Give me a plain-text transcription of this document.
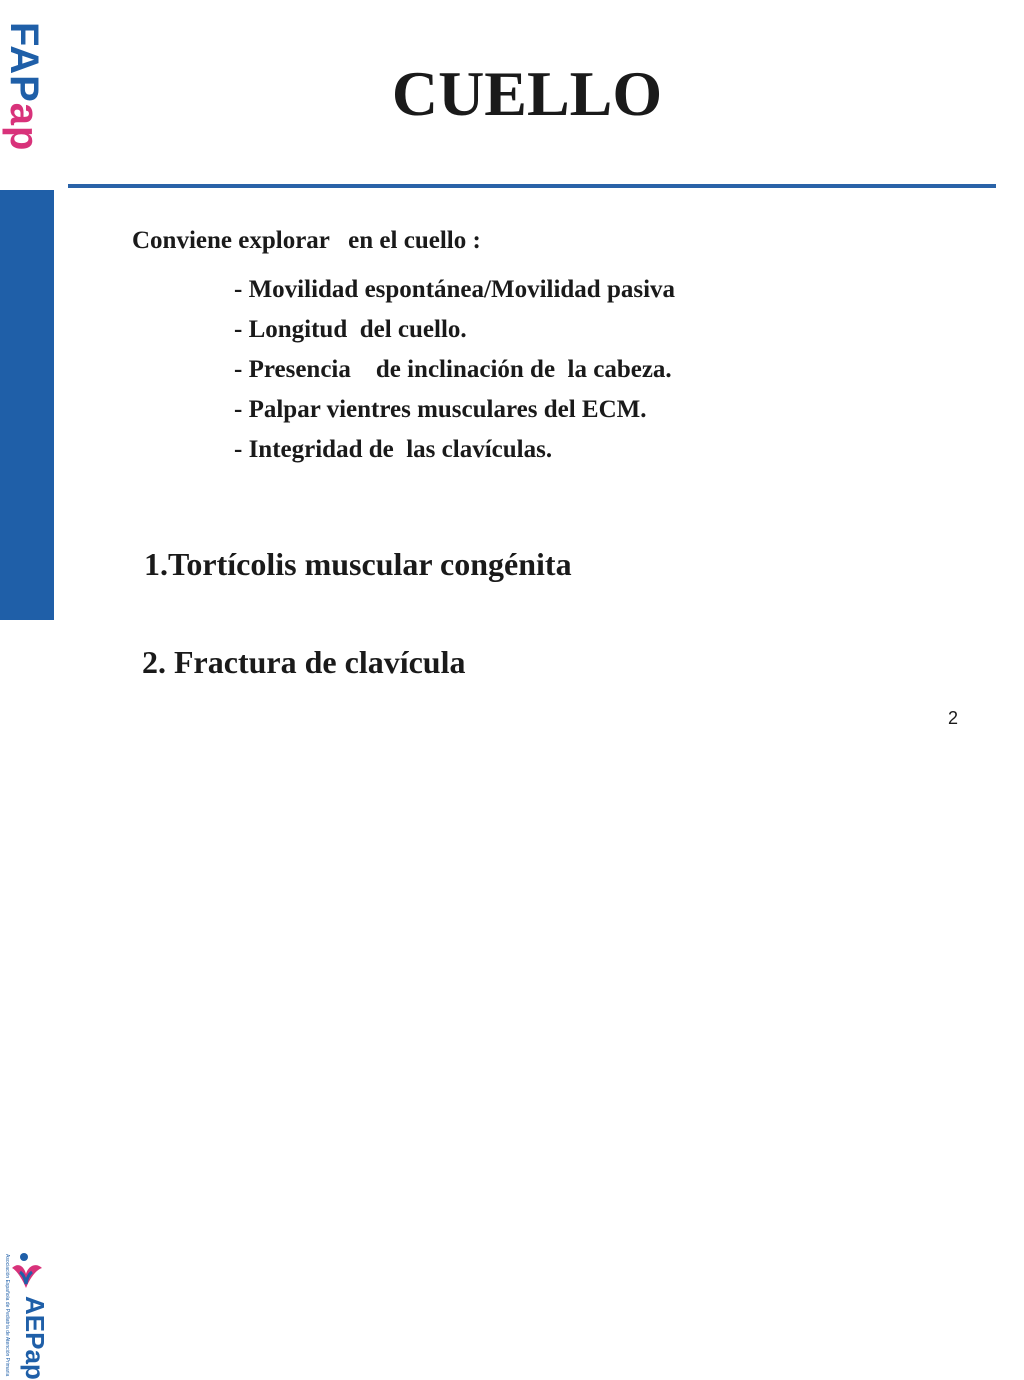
FAPap
Asociación Española de Pediatría de Atención Primaria AEPap
CUELLO
Conviene explorar   en el cuello :
- Movilidad espontánea/Movilidad pasiva
- Longitud  del cuello.
- Presencia    de inclinación de  la cabeza.
- Palpar vientres musculares del ECM.
- Integridad de  las clavículas.
1.Tortícolis muscular congénita
2. Fractura de clavícula
2
